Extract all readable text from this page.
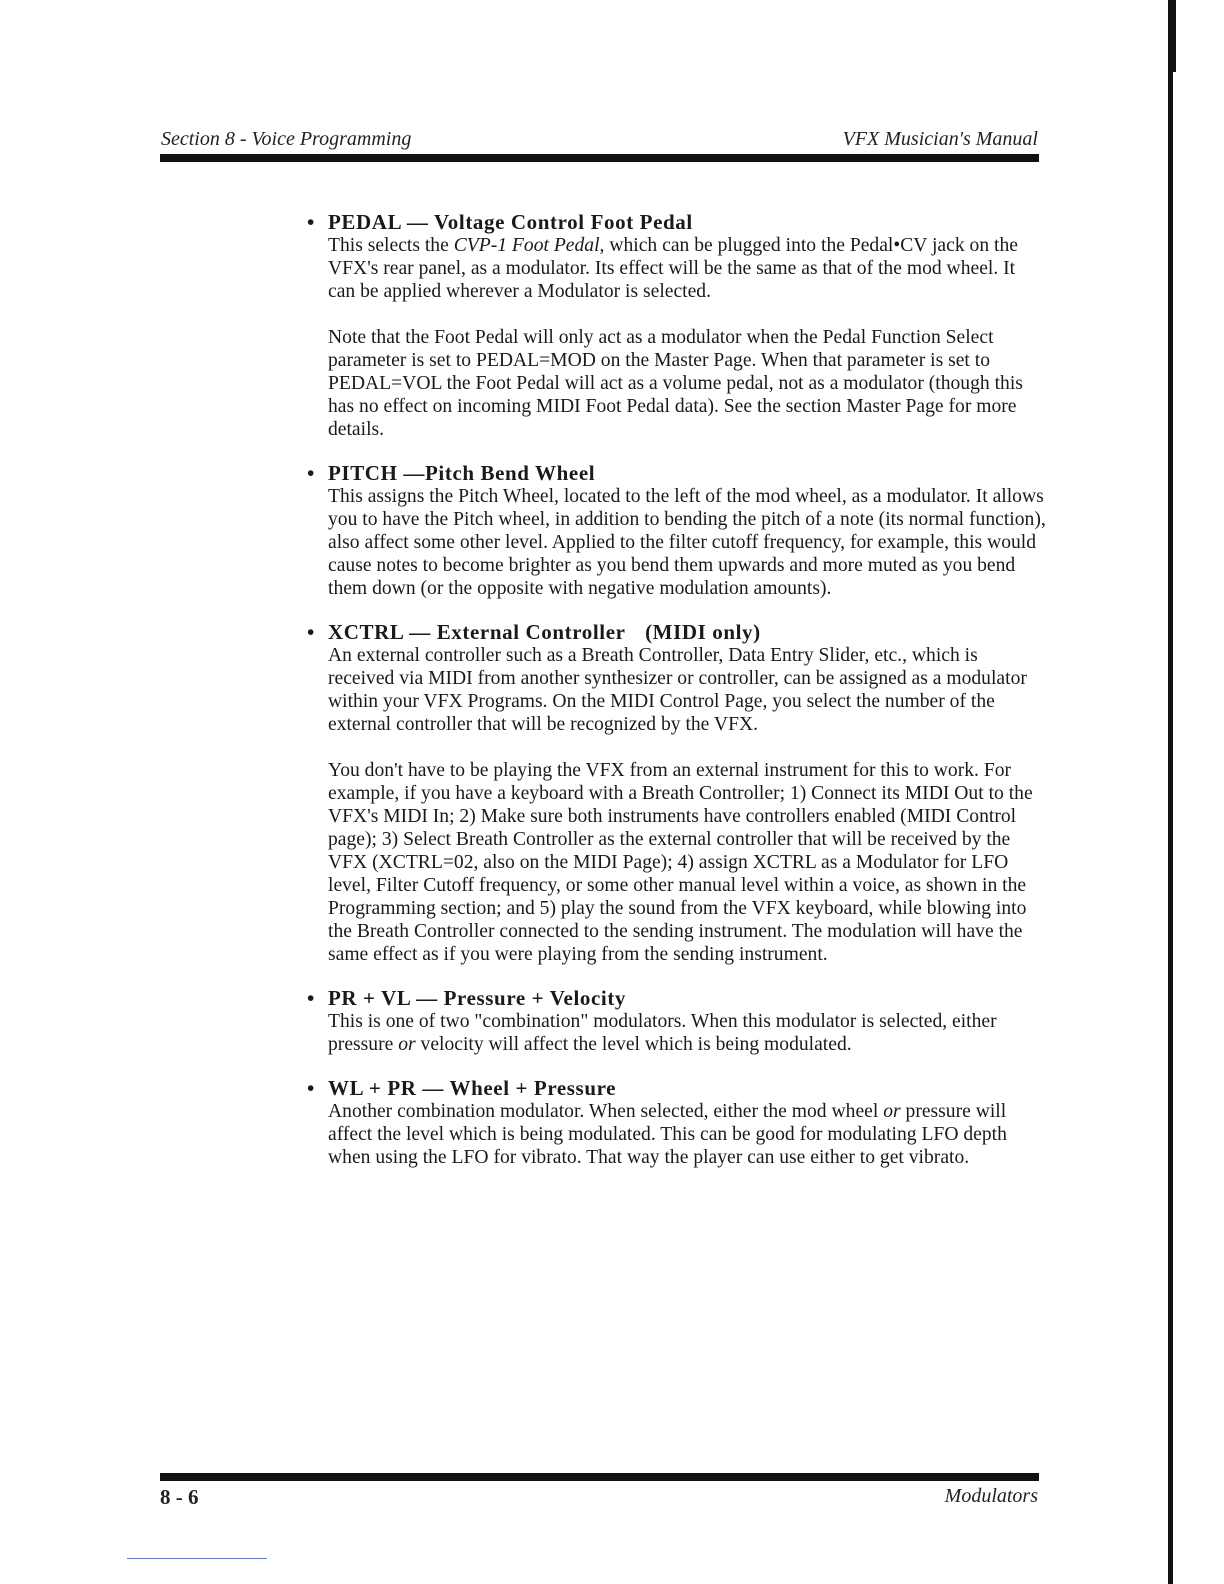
Section 8 - Voice Programming	VFX Musician's Manual
• PEDAL — Voltage Control Foot Pedal

This selects the CVP-1 Foot Pedal, which can be plugged into the Pedal•CV jack on the VFX's rear panel, as a modulator. Its effect will be the same as that of the mod wheel. It can be applied wherever a Modulator is selected.

Note that the Foot Pedal will only act as a modulator when the Pedal Function Select parameter is set to PEDAL=MOD on the Master Page. When that parameter is set to PEDAL=VOL the Foot Pedal will act as a volume pedal, not as a modulator (though this has no effect on incoming MIDI Foot Pedal data). See the section Master Page for more details.

• PITCH —Pitch Bend Wheel

This assigns the Pitch Wheel, located to the left of the mod wheel, as a modulator. It allows you to have the Pitch wheel, in addition to bending the pitch of a note (its normal function), also affect some other level. Applied to the filter cutoff frequency, for example, this would cause notes to become brighter as you bend them upwards and more muted as you bend them down (or the opposite with negative modulation amounts).

• XCTRL — External Controller (MIDI only)

An external controller such as a Breath Controller, Data Entry Slider, etc., which is received via MIDI from another synthesizer or controller, can be assigned as a modulator within your VFX Programs. On the MIDI Control Page, you select the number of the external controller that will be recognized by the VFX.

You don't have to be playing the VFX from an external instrument for this to work. For example, if you have a keyboard with a Breath Controller; 1) Connect its MIDI Out to the VFX's MIDI In; 2) Make sure both instruments have controllers enabled (MIDI Control page); 3) Select Breath Controller as the external controller that will be received by the VFX (XCTRL=02, also on the MIDI Page); 4) assign XCTRL as a Modulator for LFO level, Filter Cutoff frequency, or some other manual level within a voice, as shown in the Programming section; and 5) play the sound from the VFX keyboard, while blowing into the Breath Controller connected to the sending instrument. The modulation will have the same effect as if you were playing from the sending instrument.

• PR + VL — Pressure + Velocity

This is one of two "combination" modulators. When this modulator is selected, either pressure or velocity will affect the level which is being modulated.

• WL + PR — Wheel + Pressure

Another combination modulator. When selected, either the mod wheel or pressure will affect the level which is being modulated. This can be good for modulating LFO depth when using the LFO for vibrato. That way the player can use either to get vibrato.

8 - 6	Modulators
